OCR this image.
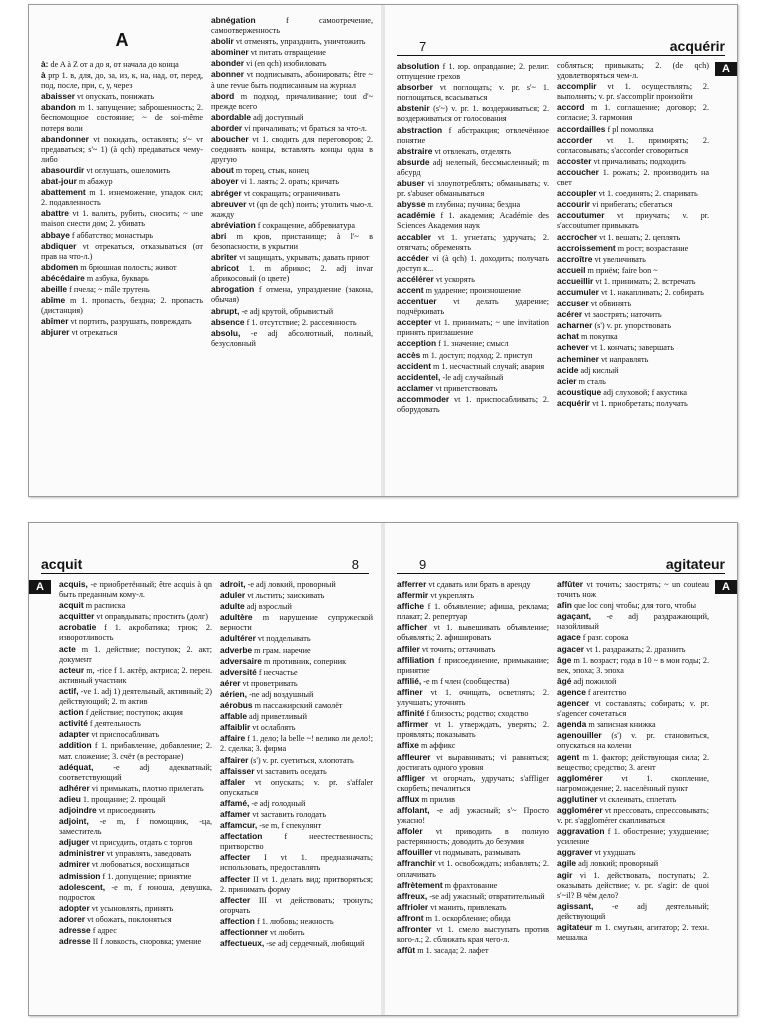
A

à: de A à Z от а до я, от начала до конца

à prp 1. в, для, до, за, из, к, на, над, от, перед, под, после, при, с, у, через

abaisser vt опускать, понижать

abandon m 1. запущение; заброшенность; 2. беспомощное состояние; ~ de soi-même потеря воли

abandonner vt покидать, оставлять; s'~ vr предаваться; s'~ 1) (à qch) предаваться чему-либо

abasourdir vt оглушать, ошеломить

abat-jour m абажур

abattement m 1. изнеможение, упадок сил; 2. подавленность

abattre vt 1. валить, рубить, сносить; ~ une maison снести дом; 2. убивать

abbaye f аббатство; монастырь

abdiquer vt отрекаться, отказываться (от прав на что-л.)

abdomen m брюшная полость; живот

abécédaire m азбука, букварь

abeille f пчела; ~ mâle трутень

abîme m 1. пропасть, бездна; 2. пропасть (дистанция)

abîmer vt портить, разрушать, повреждать

abjurer vt отрекаться

abnégation f самоотречение, самоотверженность

abolir vt отменять, упразднить, уничтожить

abominer vt питать отвращение

abonder vi (en qch) изобиловать

abonner vt подписывать, абонировать; être ~ à une revue быть подписанным на журнал

abord m подход, причаливание; tout d'~ прежде всего

abordable adj доступный

aborder vi причаливать; vt браться за что-л.

aboucher vt 1. сводить для переговоров; 2. соединять концы, вставлять концы одна в другую

about m торец, стык, конец

aboyer vi 1. лаять; 2. орать; кричать

abréger vt сокращать; ограничивать

abreuver vt (qn de qch) поить; утолить чью-л. жажду

abréviation f сокращение, аббревиатура

abri m кров, пристанище; à l'~ в безопасности, в укрытии

abriter vt защищать, укрывать; давать приют

abricot 1. m абрикос; 2. adj invar абрикосовый (о цвете)

abrogation f отмена, упразднение (закона, обычая)

abrupt, -e adj крутой, обрывистый

absence f 1. отсутствие; 2. рассеянность

absolu, -e adj абсолютный, полный, безусловный

7	acquérir
A

absolution f 1. юр. оправдание; 2. религ. отпущение грехов

absorber vt поглощать; v. pr. s'~ 1. поглощаться, всасываться

abstenir (s'~) v. pr. 1. воздерживаться; 2. воздерживаться от голосования

abstraction f абстракция; отвлечённое понятие

abstraire vt отвлекать, отделять

absurde adj нелепый, бессмысленный; m абсурд

abuser vi злоупотреблять; обманывать; v. pr. s'abuser обманываться

abysse m глубина; пучина; бездна

académie f 1. академия; Académie des Sciences Академия наук

accabler vt 1. угнетать; удручать; 2. отягчать; обременять

accéder vi (à qch) 1. доходить; получать доступ к...

accélérer vt ускорять

accent m ударение; произношение

accentuer vt делать ударение; подчёркивать

accepter vt 1. принимать; ~ une invitation принять приглашение

acception f 1. значение; смысл

accès m 1. доступ; подход; 2. приступ

accident m 1. несчастный случай; авария

accidentel, -le adj случайный

acclamer vt приветствовать

accommoder vt 1. приспосабливать; 2. оборудовать

собляться; привыкать; 2. (de qch) удовлетворяться чем-л.

accomplir vt 1. осуществлять; 2. выполнять; v. pr. s'accomplir произойти

accord m 1. соглашение; договор; 2. согласие; 3. гармония

accordailles f pl помолвка

accorder vt 1. примирять; 2. согласовывать; s'accorder сговориться

accoster vt причаливать; подходить

accoucher 1. рожать; 2. производить на свет

accoupler vt 1. соединять; 2. спаривать

accourir vi прибегать; сбегаться

accoutumer vt приучать; v. pr. s'accoutumer привыкать

accrocher vt 1. вешать; 2. цеплять

accroissement m рост; возрастание

accroître vt увеличивать

accueil m приём; faire bon ~

accueillir vt 1. принимать; 2. встречать

accumuler vt 1. накапливать; 2. собирать

accuser vt обвинять

acérer vt заострять; наточить

acharner (s') v. pr. упорствовать

achat m покупка

achever vt 1. кончать; завершать

acheminer vt направлять

acide adj кислый

acier m сталь

acoustique adj слуховой; f акустика

acquérir vt 1. приобретать; получать

acquit	8
A	acquis, -e приобретённый; être acquis à qn быть преданным кому-л.

acquit m расписка

acquitter vt оправдывать; простить (долг)

acrobatie f 1. акробатика; трюк; 2. изворотливость

acte m 1. действие; поступок; 2. акт; документ

acteur m, -rice f 1. актёр, актриса; 2. перен. активный участник

actif, -ve 1. adj 1) деятельный, активный; 2) действующий; 2. m актив

action f действие; поступок; акция

activité f деятельность

adapter vt приспосабливать

addition f 1. прибавление, добавление; 2. мат. сложение; 3. счёт (в ресторане)

adéquat, -e adj адекватный; соответствующий

adhérer vi примыкать, плотно прилегать

adieu 1. прощание; 2. прощай

adjoindre vt присоединять

adjoint, -e m, f помощник, -ца, заместитель

adjuger vt присудить, отдать с торгов

administrer vt управлять, заведовать

admirer vt любоваться, восхищаться

admission f 1. допущение; принятие

adolescent, -e m, f юноша, девушка, подросток

adopter vt усыновлять, принять

adorer vt обожать, поклоняться

adresse f адрес

adresse II f ловкость, сноровка; умение

adroit, -e adj ловкий, проворный

aduler vt льстить; заискивать

adulte adj взрослый

adultère m нарушение супружеской верности

adultérer vt подделывать

adverbe m грам. наречие

adversaire m противник, соперник

adversité f несчастье

aérer vt проветривать

aérien, -ne adj воздушный

aérobus m пассажирский самолёт

affable adj приветливый

affaiblir vt ослаблять

affaire f 1. дело; la belle ~! велико ли дело!; 2. сделка; 3. фирма

affairer (s') v. pr. суетиться, хлопотать

affaisser vt заставить оседать

affaler vt опускать; v. pr. s'affaler опускаться

affamé, -e adj голодный

affamer vt заставить голодать

affamcur, -se m, f спекулянт

affectation f неестественность; притворство

affecter I vt 1. предназначать; использовать, предоставлять

affecter II vt 1. делать вид; притворяться; 2. принимать форму

affecter III vt действовать; тронуть; огорчать

affection f 1. любовь; нежность

affectionner vt любить

affectueux, -se adj сердечный, любящий

9	agitateur
A

afferrer vt сдавать или брать в аренду

affermir vt укреплять

affiche f 1. объявление; афиша, реклама; плакат; 2. репертуар

afficher vt 1. вывешивать объявление; объявлять; 2. афишировать

affiler vt точить; оттачивать

affiliation f присоединение, примыкание; принятие

affilié, -e m f член (сообщества)

affiner vt 1. очищать, осветлять; 2. улучшать; уточнять

affinité f близость; родство; сходство

affirmer vt 1. утверждать, уверять; 2. проявлять; показывать

affixe m аффикс

affleurer vt выравнивать; vi равняться; достигать одного уровня

affliger vt огорчать, удручать; s'affliger скорбеть; печалиться

afflux m прилив

affolant, -e adj ужасный; s'~ Просто ужасно!

affoler vt приводить в полную растерянность; доводить до безумия

affouiller vt подмывать, размывать

affranchir vt 1. освобождать; избавлять; 2. оплачивать

affrètement m фрахтование

affreux, -se adj ужасный; отвратительный

affrioler vt манить, привлекать

affront m 1. оскорбление; обида

affronter vt 1. смело выступать против кого-л.; 2. сближать края чего-л.

affût m 1. засада; 2. лафет

affûter vt точить; заострять; ~ un couteau точить нож

afin que loc conj чтобы; для того, чтобы

agaçant, -e adj раздражающий, назойливый

agace f разг. сорока

agacer vt 1. раздражать; 2. дразнить

âge m 1. возраст; года в 10 ~ в мои годы; 2. век, эпоха; 3. эпоха

âgé adj пожилой

agence f агентство

agencer vt составлять; собирать; v. pr. s'agencer сочетаться

agenda m записная книжка

agenouiller (s') v. pr. становиться, опускаться на колени

agent m 1. фактор; действующая сила; 2. вещество; средство; 3. агент

agglomérer vt 1. скопление, нагромождение; 2. населённый пункт

agglutiner vt склеивать, сплетать

agglomérer vt прессовать, спрессовывать; v. pr. s'agglomérer скапливаться

aggravation f 1. обострение; ухудшение; усиление

aggraver vt ухудшать

agile adj ловкий; проворный

agir vi 1. действовать, поступать; 2. оказывать действие; v. pr. s'agir: de quoi s'~il? В чём дело?

agissant, -e adj деятельный; действующий

agitateur m 1. смутьян, агитатор; 2. техн. мешалка
